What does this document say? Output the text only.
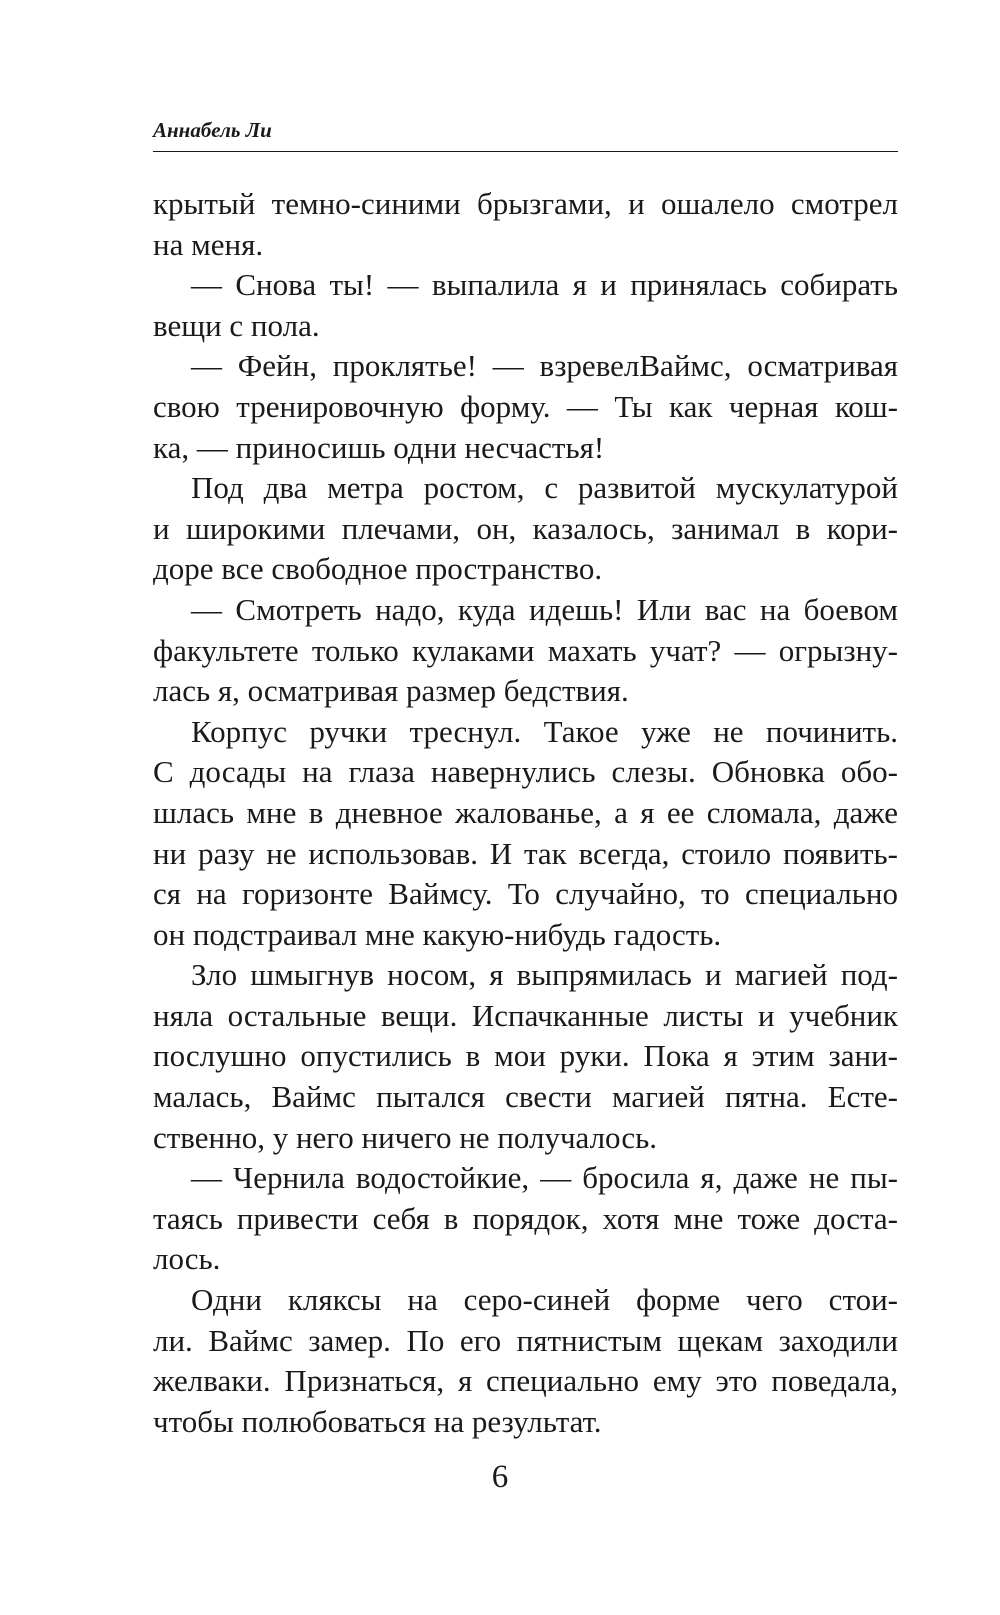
Аннабель Ли
крытый темно-синими брызгами, и ошалело смотрел
на меня.
— Снова ты! — выпалила я и принялась собирать
вещи с пола.
— Фейн, проклятье! — взревелВаймс, осматривая
свою тренировочную форму. — Ты как черная кош-
ка, — приносишь одни несчастья!
Под два метра ростом, с развитой мускулатурой
и широкими плечами, он, казалось, занимал в кори-
доре все свободное пространство.
— Смотреть надо, куда идешь! Или вас на боевом
факультете только кулаками махать учат? — огрызну-
лась я, осматривая размер бедствия.
Корпус ручки треснул. Такое уже не починить.
С досады на глаза навернулись слезы. Обновка обо-
шлась мне в дневное жалованье, а я ее сломала, даже
ни разу не использовав. И так всегда, стоило появить-
ся на горизонте Ваймсу. То случайно, то специально
он подстраивал мне какую-нибудь гадость.
Зло шмыгнув носом, я выпрямилась и магией под-
няла остальные вещи. Испачканные листы и учебник
послушно опустились в мои руки. Пока я этим зани-
малась, Ваймс пытался свести магией пятна. Есте-
ственно, у него ничего не получалось.
— Чернила водостойкие, — бросила я, даже не пы-
таясь привести себя в порядок, хотя мне тоже доста-
лось.
Одни кляксы на серо-синей форме чего стои-
ли. Ваймс замер. По его пятнистым щекам заходили
желваки. Признаться, я специально ему это поведала,
чтобы полюбоваться на результат.
6
